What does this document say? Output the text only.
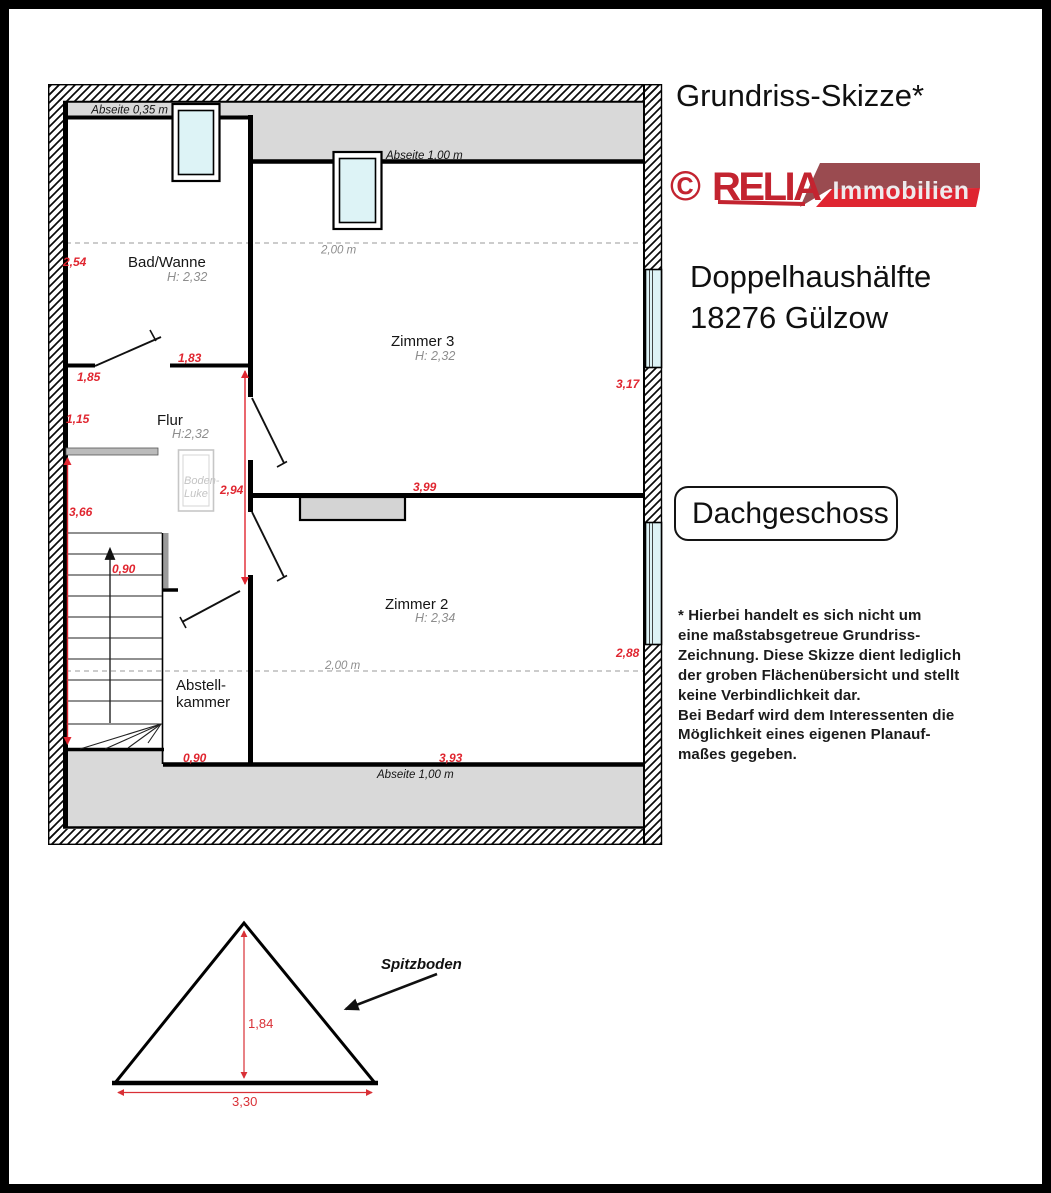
Boden-
Luke
Abseite 0,35 m
Abseite 1,00 m
Abseite 1,00 m
2,00 m
2,00 m
Bad/Wanne
H: 2,32
Zimmer 3
H: 2,32
Flur
H:2,32
Zimmer 2
H: 2,34
Abstell-
kammer
2,54
1,85
1,83
1,15
3,66
0,90
2,94	3,99
3,17
2,88
0,90	3,93
Grundriss-Skizze*
© RELIA Immobilien
Doppelhaushälfte
18276 Gülzow
Dachgeschoss
* Hierbei handelt es sich nicht um
eine maßstabsgetreue Grundriss-
Zeichnung. Diese Skizze dient lediglich
der groben Flächenübersicht und stellt
keine Verbindlichkeit dar.
Bei Bedarf wird dem Interessenten die
Möglichkeit eines eigenen Planauf-
maßes gegeben.
1,84
3,30
Spitzboden
